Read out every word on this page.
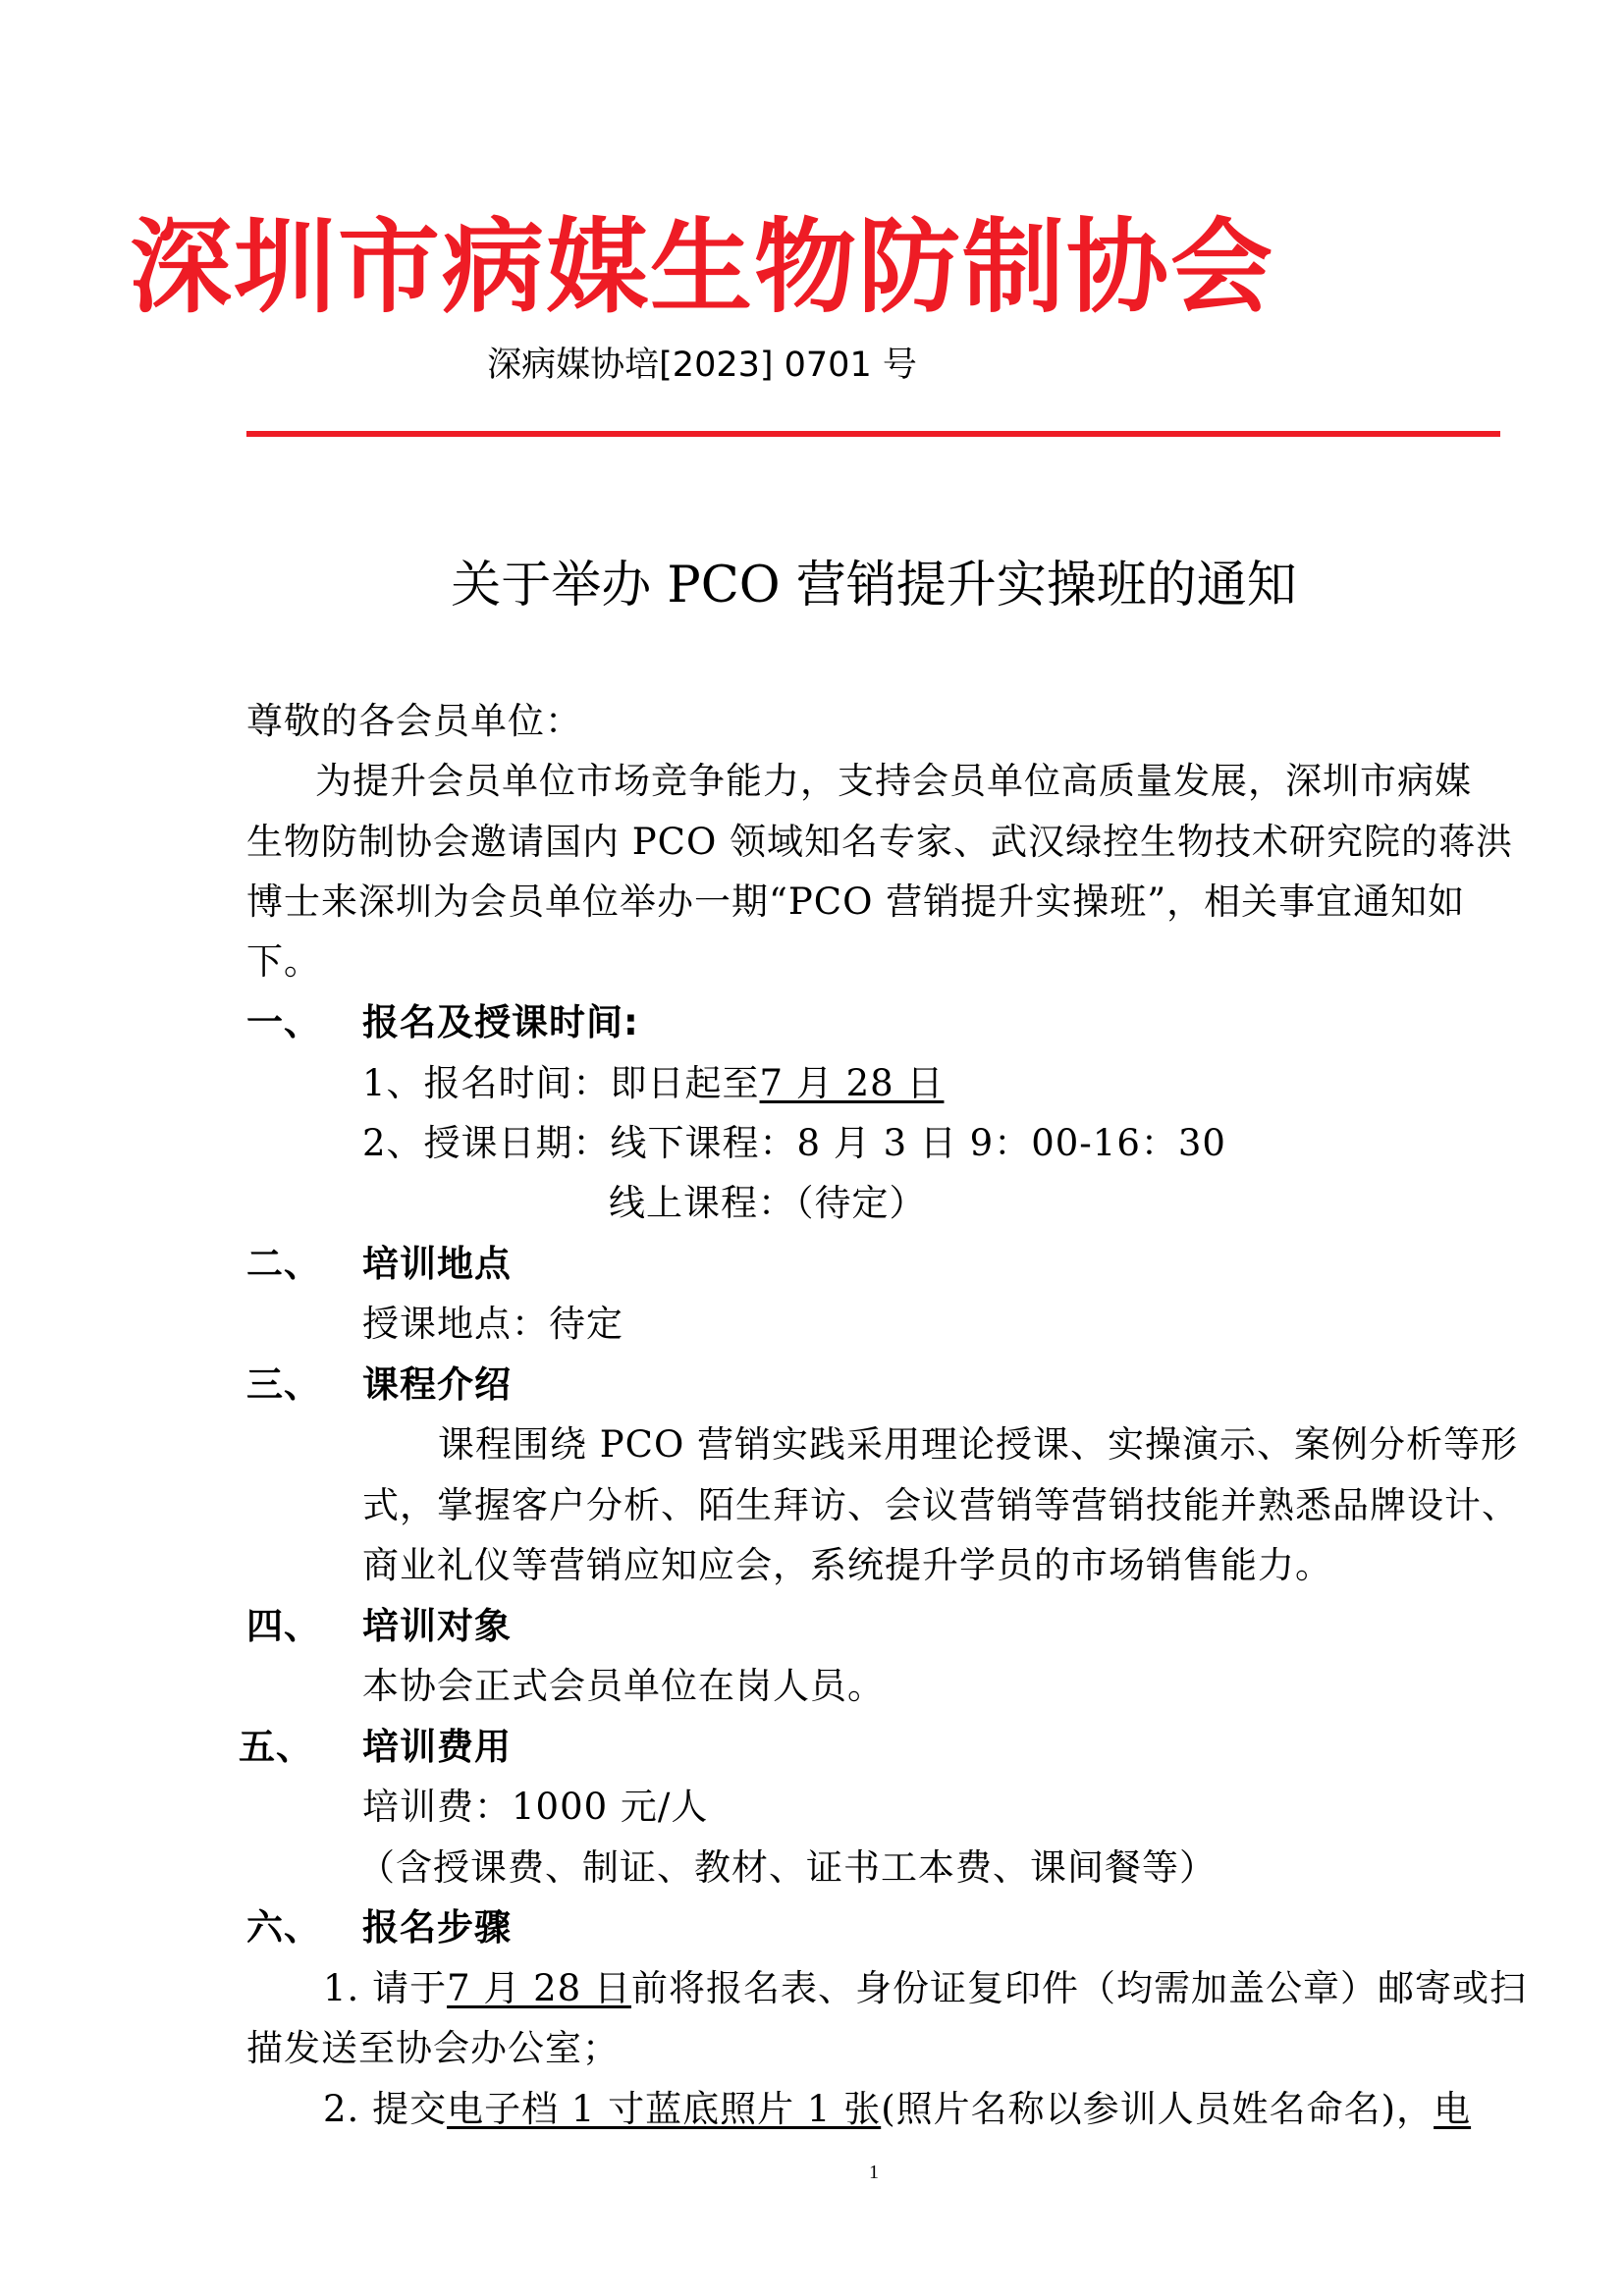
深圳市病媒生物防制协会
深病媒协培[2023] 0701 号
关于举办 PCO 营销提升实操班的通知
尊敬的各会员单位：
为提升会员单位市场竞争能力，支持会员单位高质量发展，深圳市病媒
生物防制协会邀请国内 PCO 领域知名专家、武汉绿控生物技术研究院的蒋洪
博士来深圳为会员单位举办一期“PCO 营销提升实操班”，相关事宜通知如
下。
一、 报名及授课时间:
1、报名时间：即日起至7 月 28 日
2、授课日期：线下课程：8 月 3 日 9：00-16：30
线上课程：（待定）
二、 培训地点
授课地点：待定
三、 课程介绍
课程围绕 PCO 营销实践采用理论授课、实操演示、案例分析等形
式，掌握客户分析、陌生拜访、会议营销等营销技能并熟悉品牌设计、
商业礼仪等营销应知应会，系统提升学员的市场销售能力。
四、 培训对象
本协会正式会员单位在岗人员。
五、 培训费用
培训费：1000 元/人
（含授课费、制证、教材、证书工本费、课间餐等）
六、 报名步骤
1. 请于7 月 28 日前将报名表、身份证复印件（均需加盖公章）邮寄或扫
描发送至协会办公室；
2. 提交电子档 1 寸蓝底照片 1 张(照片名称以参训人员姓名命名)，电
1
